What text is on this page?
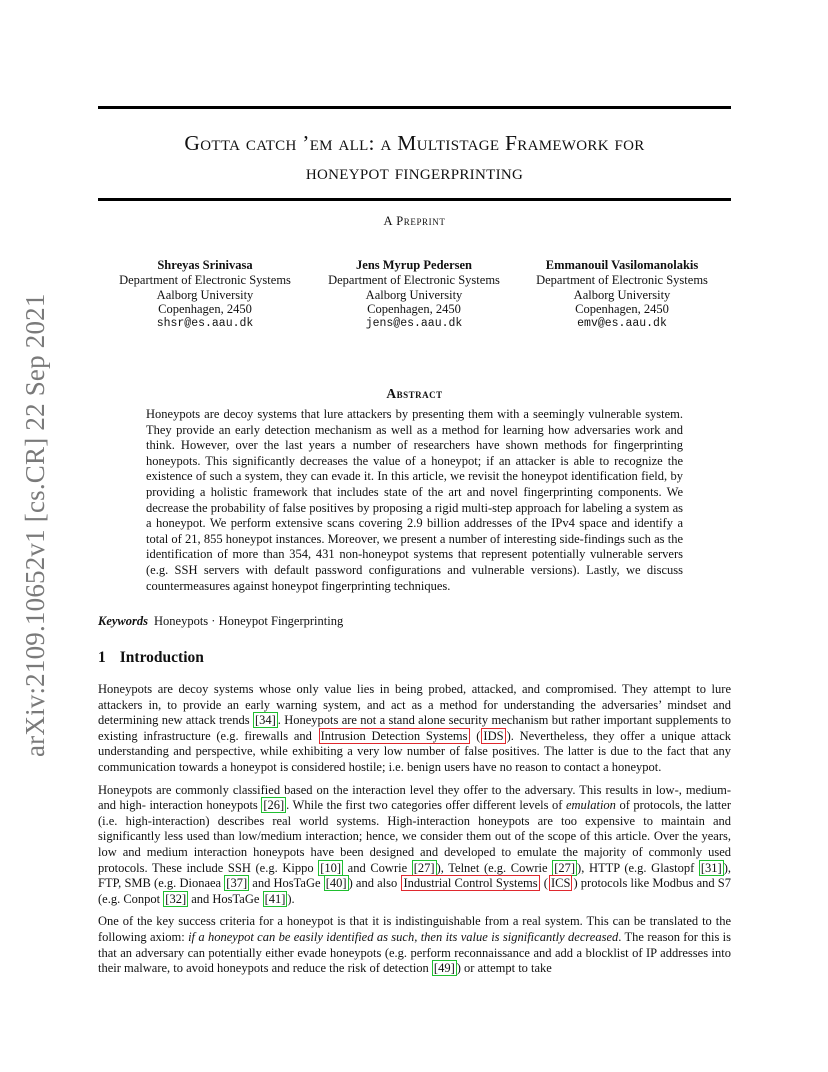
arXiv:2109.10652v1 [cs.CR] 22 Sep 2021
Gotta catch ’em all: a Multistage Framework for
honeypot fingerprinting
A Preprint
Shreyas Srinivasa
Department of Electronic Systems
Aalborg University
Copenhagen, 2450
shsr@es.aau.dk
Jens Myrup Pedersen
Department of Electronic Systems
Aalborg University
Copenhagen, 2450
jens@es.aau.dk
Emmanouil Vasilomanolakis
Department of Electronic Systems
Aalborg University
Copenhagen, 2450
emv@es.aau.dk
Abstract
Honeypots are decoy systems that lure attackers by presenting them with a seemingly vulnerable system. They provide an early detection mechanism as well as a method for learning how adversaries work and think. However, over the last years a number of researchers have shown methods for fingerprinting honeypots. This significantly decreases the value of a honeypot; if an attacker is able to recognize the existence of such a system, they can evade it. In this article, we revisit the honeypot identification field, by providing a holistic framework that includes state of the art and novel fingerprinting components. We decrease the probability of false positives by proposing a rigid multi-step approach for labeling a system as a honeypot. We perform extensive scans covering 2.9 billion addresses of the IPv4 space and identify a total of 21, 855 honeypot instances. Moreover, we present a number of interesting side-findings such as the identification of more than 354, 431 non-honeypot systems that represent potentially vulnerable servers (e.g. SSH servers with default password configurations and vulnerable versions). Lastly, we discuss countermeasures against honeypot fingerprinting techniques.
Keywords Honeypots · Honeypot Fingerprinting
1 Introduction

Honeypots are decoy systems whose only value lies in being probed, attacked, and compromised. They attempt to lure attackers in, to provide an early warning system, and act as a method for understanding the adversaries’ mindset and determining new attack trends [34] . Honeypots are not a stand alone security mechanism but rather important supplements to existing infrastructure (e.g. firewalls and Intrusion Detection Systems ( IDS ). Nevertheless, they offer a unique attack understanding and perspective, while exhibiting a very low number of false positives. The latter is due to the fact that any communication towards a honeypot is considered hostile; i.e. benign users have no reason to contact a honeypot.

Honeypots are commonly classified based on the interaction level they offer to the adversary. This results in low-, medium- and high- interaction honeypots [26] . While the first two categories offer different levels of emulation of protocols, the latter (i.e. high-interaction) describes real world systems. High-interaction honeypots are too expensive to maintain and significantly less used than low/medium interaction; hence, we consider them out of the scope of this article. Over the years, low and medium interaction honeypots have been designed and developed to emulate the majority of commonly used protocols. These include SSH (e.g. Kippo [10] and Cowrie [27] ), Telnet (e.g. Cowrie [27] ), HTTP (e.g. Glastopf [31] ), FTP, SMB (e.g. Dionaea [37] and HosTaGe [40] ) and also Industrial Control Systems ( ICS ) protocols like Modbus and S7 (e.g. Conpot [32] and HosTaGe [41] ).

One of the key success criteria for a honeypot is that it is indistinguishable from a real system. This can be translated to the following axiom: if a honeypot can be easily identified as such, then its value is significantly decreased. The reason for this is that an adversary can potentially either evade honeypots (e.g. perform reconnaissance and add a blocklist of IP addresses into their malware, to avoid honeypots and reduce the risk of detection [49] ) or attempt to take
